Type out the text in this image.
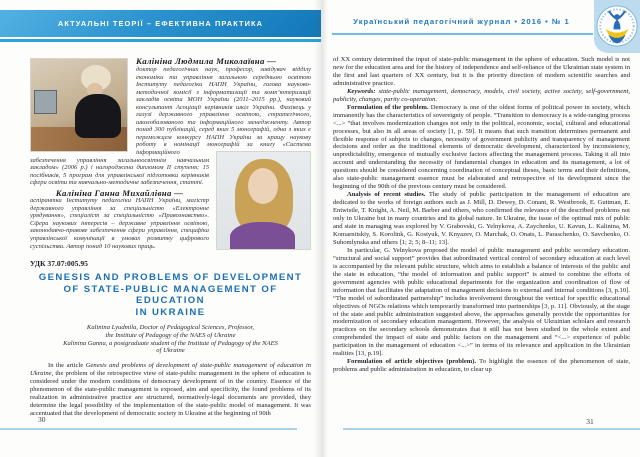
АКТУАЛЬНІ ТЕОРІЇ – ЕФЕКТИВНА ПРАКТИКА
Калініна Людмила Миколаївна —
доктор педагогічних наук, професор, завідувач відділу економіки та управління загальною середньою освітою Інституту педагогіки НАПН України, голова науково-методичної комісії з інформатизації та комп’ютеризації закладів освіти МОН України (2011–2015 рр.), науковий консультант Асоціації керівників шкіл України. Фахівець у галузі державного управління освітою, стратегічного, школобазованого та інформаційного менеджменту. Автор понад 300 публікацій, серед яких 5 монографій, одна з яких є переможцем конкурсу НАПН України за кращу наукову роботу в номінації монографій за книгу «Система інформаційного забезпечення управління загальноосвітнім навчальним закладом» (2006 р.) і нагороджена дипломом ІІ ступеня; 15 посібників, 5 програм для управлінської підготовки керівників сфери освіти та навчально-методичне забезпечення, статті.
Калініна Ганна Михайлівна —
аспірантка Інституту педагогіки НАПН України, магістр державного управління за спеціальністю «Електронне урядування», спеціаліст за спеціальністю «Правознавство». Сфера наукових інтересів – державне управління освітою, законодавчо-правове забезпечення сфери управління, специфіка управлінської комунікації в умовах розвитку цифрового суспільства. Автор понад 10 наукових праць.
УДК 37.07:005.95
GENESIS AND PROBLEMS OF DEVELOPMENT
OF STATE-PUBLIC MANAGEMENT OF EDUCATION
IN UKRAINE
Kalinina Lyudmila, Doctor of Pedagogical Sciences, Professor,
the Institute of Pedagogy of the NAES of Ukraine
Kalinina Ganna, a postgraduate student of the Institute of Pedagogy of the NAES
of Ukraine
In the article Genesis and problems of development of state-public management of education in Ukraine, the problem of the retrospective view of state-public management in the sphere of education is considered under the modern conditions of democracy development of in the country. Essence of the phenomenon of the state-public management is exposed, aim and specificity, the found problems of its realization in administrative practice are structured, normatively-legal documents are provided, they determine the legal possibility of the implementation of the state-public model of management. It was accentuated that the development of democratic society in Ukraine at the beginning of 90th
30
Український педагогічний журнал • 2016 • № 1

of XX century determined the input of state-public management in the sphere of education. Such model is not new for the education area and for the history of independence and self-reliance of the Ukrainian state system in the first and last quarters of XX century, but it is the priority direction of modern scientific searches and administrative practice.

Keywords: state-public management, democracy, models, civil society, active society, self-government, publicity, changes, parity co-operation.

Formulation of the problem. Democracy is one of the oldest forms of political power in society, which immanently has the characteristics of sovereignty of people. “Transition to democracy is a wide-ranging process <...> ”that involves modernization changes not only in the political, economic, social, cultural and educational processes, but also in all areas of society [1, p. 59]. It means that such transition determines permanent and flexible response of subjects to changes, necessity of government publicity and transparency of management decisions and order as the traditional elements of democratic development, characterized by inconsistency, unpredictability, emergence of mutually exclusive factors affecting the management process. Taking it all into account and understanding the necessity of fundamental changes in education and its management, a lot of questions should be considered concerning coordination of conceptual theses, basic terms and their definitions, also state-public management essence must be elaborated and retrospective of its development since the beginning of the 90th of the previous century must be considered.

Analysis of recent studies. The study of public participation in the management of education are dedicated to the works of foreign authors such as J. Mill, D. Dewey, D. Conant, R. Westbrook, E. Guttman, E. Entwistle, T. Knight, A. Neil, M. Barber and others, who confirmed the relevance of the described problems not only in Ukraine but in many countries and its global nature. In Ukraine, the issue of the optimal mix of public and state in managing was explored by V. Grabovski, G. Yelnykova, A. Zaychenko, U. Kavun, L. Kalinina, M. Komarnitskiy, S. Korolink, G. Kostyuk, V. Knyazev, O. Marchak, O. Onats, L. Paraschenko, O. Savchenko, O. Suhomlynska and others [1; 2; 5; 8–11; 13].

In particular, G. Yelnykova proposed the model of public management and public secondary education. “structural and social support” provides that subordinated vertical control of secondary education at each level is accompanied by the relevant public structure, which aims to establish a balance of interests of the public and the state in education, “the model of information and public support” is aimed to combine the efforts of government agencies with public educational departments for the organization and coordination of flow of information that facilitates the adaptation of management decisions to external and internal conditions [3, p.10]. “The model of subordinated partnership” includes involvement throughout the vertical for specific educational objectives of NGOs relations which temporarily transformed into partnerships [3, p. 11]. Obviously, at the stage of the state and public administration suggested above, the approaches generally provide the opportunities for modernization of secondary education management. However, the analysis of Ukrainian scholars and research practices on the secondary schools demonstrates that it still has not been studied to the whole extent and comprehended the impact of state and public factors on the management and “<...> experience of public participation in the management of education <...>” in terms of its relevance and application in the Ukrainian realities [13, p.19].

Formulation of article objectives (problem). To highlight the essence of the phenomenon of state, problems and public administration in education, to clear up

31
